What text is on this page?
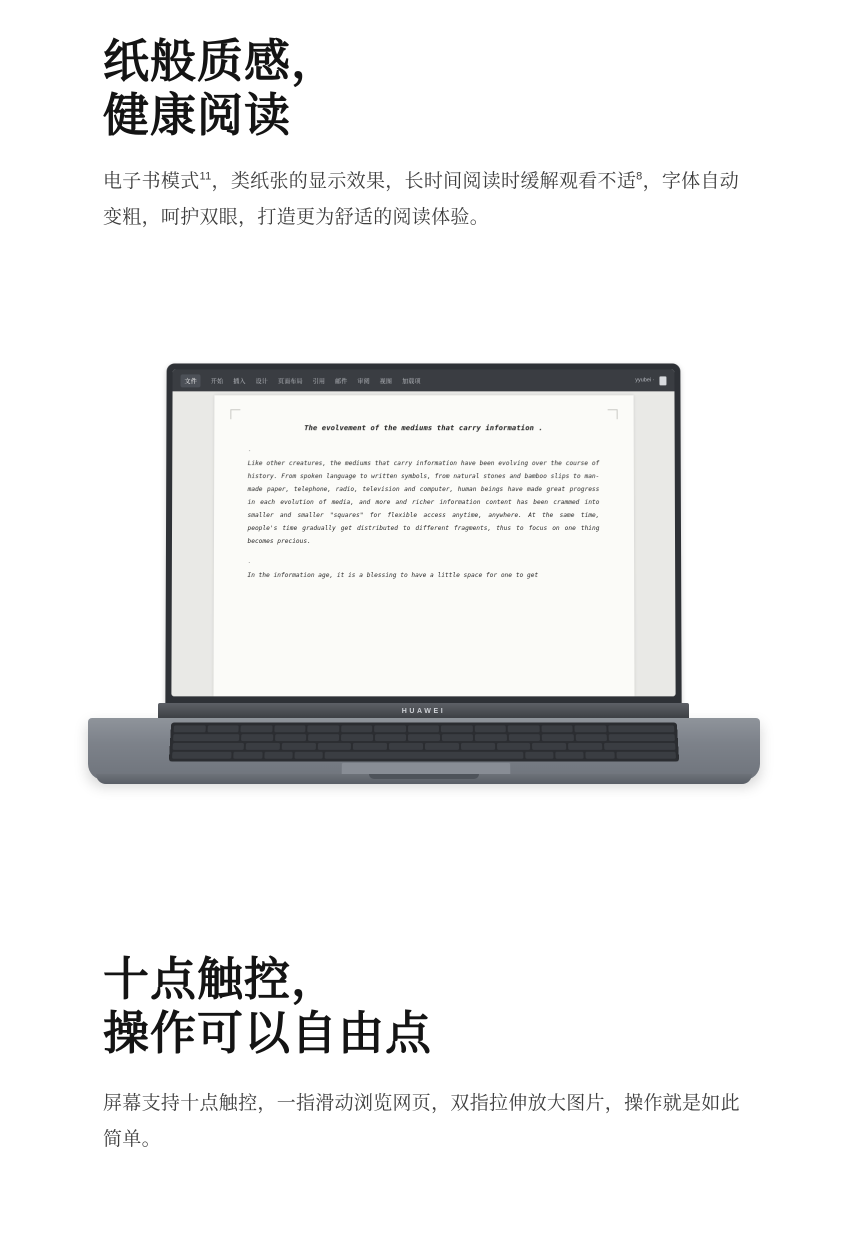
纸般质感，
健康阅读

电子书模式$^{11}$，类纸张的显示效果，长时间阅读时缓解观看不适$^8$，字体自动变粗，呵护双眼，打造更为舒适的阅读体验。

文件	开始 插入 设计 页面布局 引用 邮件 审阅 视图 加载项	yyubei ·
The evolvement of the mediums that carry information .
.

Like other creatures, the mediums that carry information have been evolving over the course of history. From spoken language to written symbols, from natural stones and bamboo slips to man-made paper, telephone, radio, television and computer, human beings have made great progress in each evolution of media, and more and richer information content has been crammed into smaller and smaller "squares" for flexible access anytime, anywhere. At the same time, people's time gradually get distributed to different fragments, thus to focus on one thing becomes precious.

.

In the information age, it is a blessing to have a little space for one to get

HUAWEI
十点触控，
操作可以自由点

屏幕支持十点触控，一指滑动浏览网页，双指拉伸放大图片，操作就是如此简单。
